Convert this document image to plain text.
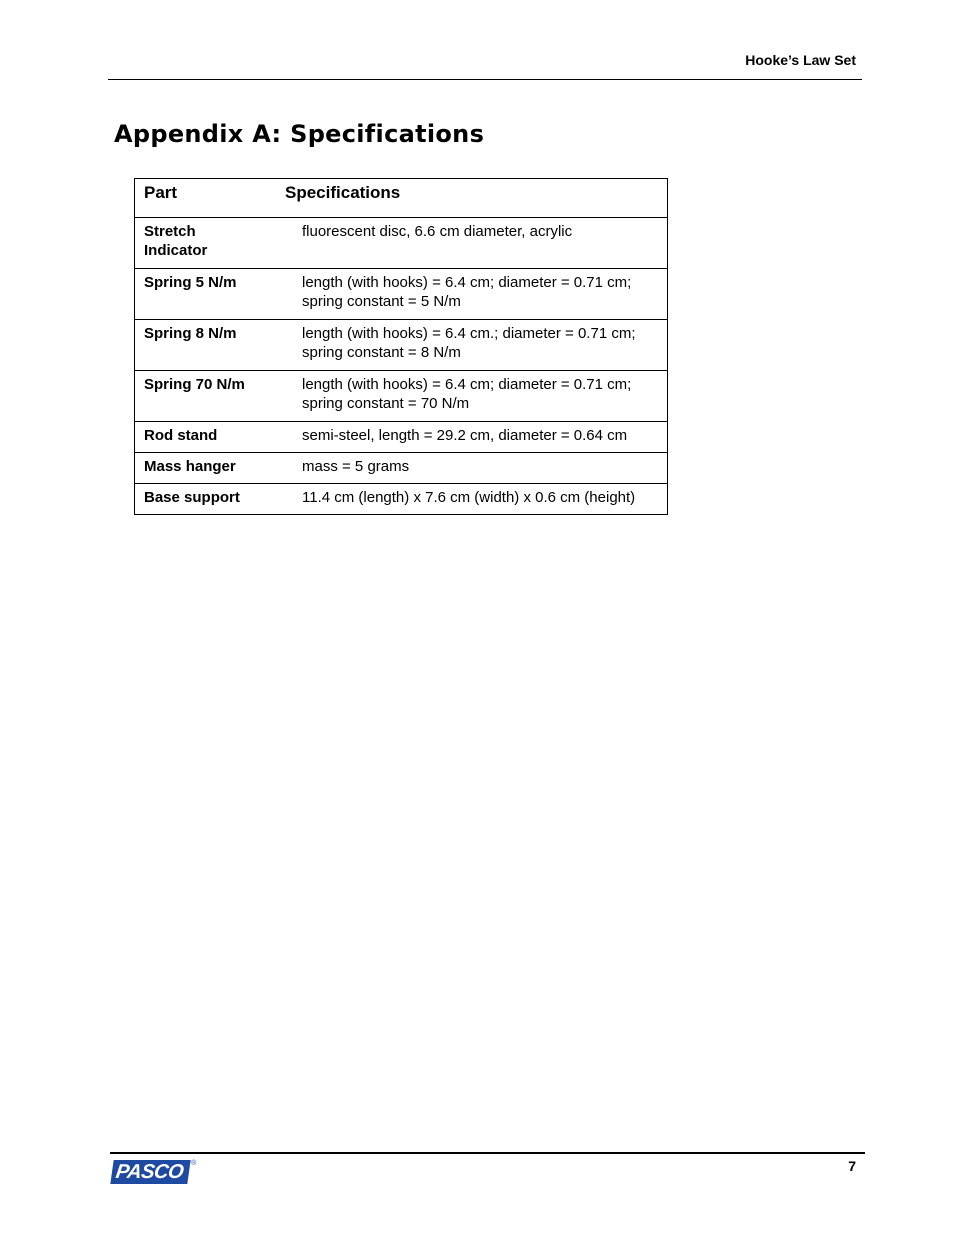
Hooke’s Law Set
Appendix A: Specifications
Part	Specifications
Stretch Indicator	fluorescent disc, 6.6 cm diameter, acrylic
Spring 5 N/m	length (with hooks) = 6.4 cm; diameter = 0.71 cm; spring constant = 5 N/m
Spring 8 N/m	length (with hooks) = 6.4 cm.; diameter = 0.71 cm; spring constant = 8 N/m
Spring 70 N/m	length (with hooks) = 6.4 cm; diameter = 0.71 cm; spring constant = 70 N/m
Rod stand	semi-steel, length = 29.2 cm, diameter = 0.64 cm
Mass hanger	mass = 5 grams
Base support	11.4 cm (length) x 7.6 cm (width) x 0.6 cm (height)
PASCO ®	7
